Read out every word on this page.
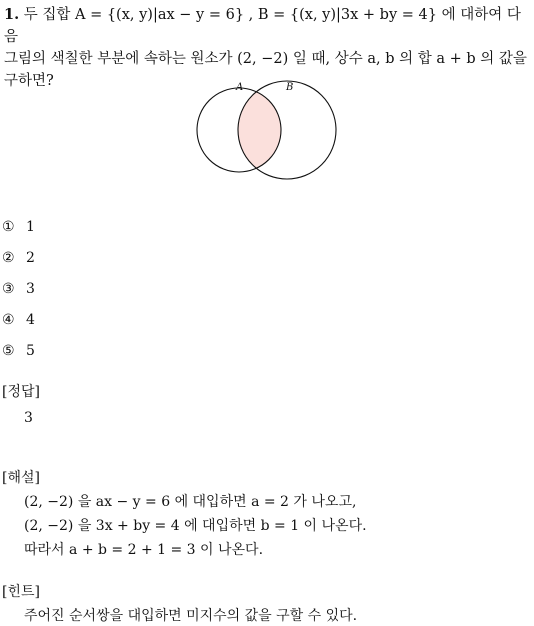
1. 두 집합 A = {(x, y)|ax − y = 6} , B = {(x, y)|3x + by = 4} 에 대하여 다음
그림의 색칠한 부분에 속하는 원소가 (2, −2) 일 때, 상수 a, b 의 합 a + b 의 값을
구하면?	A	B
① 1
② 2
③ 3
④ 4
⑤ 5
[정답]
3
[해설]
(2, −2) 을 ax − y = 6 에 대입하면 a = 2 가 나오고,
(2, −2) 을 3x + by = 4 에 대입하면 b = 1 이 나온다.
따라서 a + b = 2 + 1 = 3 이 나온다.
[힌트]
주어진 순서쌍을 대입하면 미지수의 값을 구할 수 있다.
